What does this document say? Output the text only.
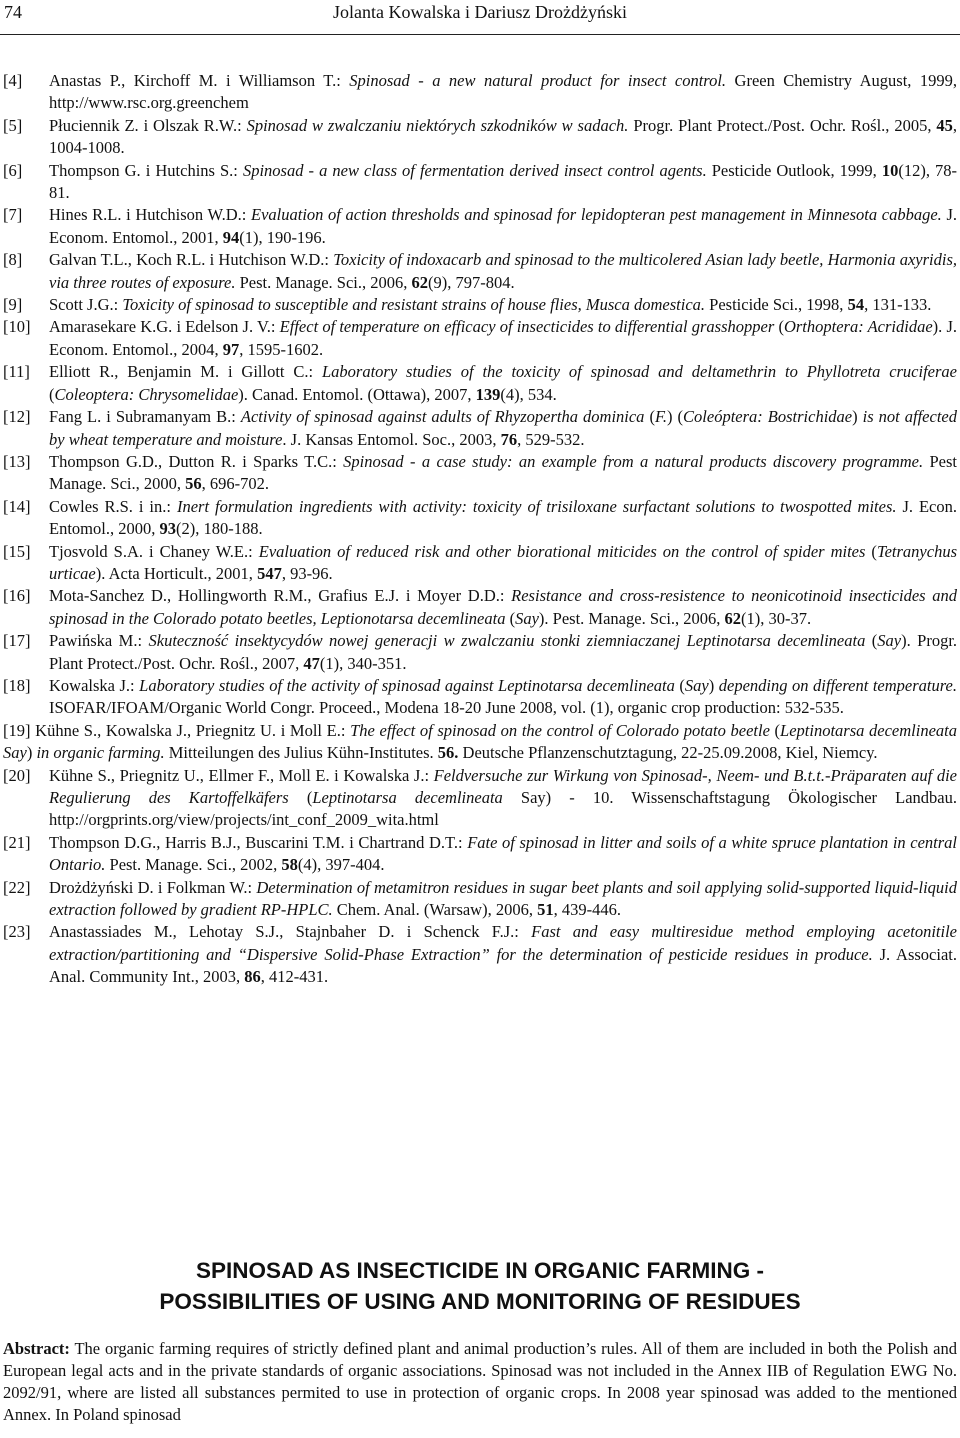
74	Jolanta Kowalska i Dariusz Drożdżyński
[4] Anastas P., Kirchoff M. i Williamson T.: Spinosad - a new natural product for insect control. Green Chemistry August, 1999, http://www.rsc.org.greenchem
[5] Płuciennik Z. i Olszak R.W.: Spinosad w zwalczaniu niektórych szkodników w sadach. Progr. Plant Protect./Post. Ochr. Rośl., 2005, 45, 1004-1008.
[6] Thompson G. i Hutchins S.: Spinosad - a new class of fermentation derived insect control agents. Pesticide Outlook, 1999, 10(12), 78-81.
[7] Hines R.L. i Hutchison W.D.: Evaluation of action thresholds and spinosad for lepidopteran pest management in Minnesota cabbage. J. Econom. Entomol., 2001, 94(1), 190-196.
[8] Galvan T.L., Koch R.L. i Hutchison W.D.: Toxicity of indoxacarb and spinosad to the multicolered Asian lady beetle, Harmonia axyridis, via three routes of exposure. Pest. Manage. Sci., 2006, 62(9), 797-804.
[9] Scott J.G.: Toxicity of spinosad to susceptible and resistant strains of house flies, Musca domestica. Pesticide Sci., 1998, 54, 131-133.
[10] Amarasekare K.G. i Edelson J. V.: Effect of temperature on efficacy of insecticides to differential grasshopper (Orthoptera: Acrididae). J. Econom. Entomol., 2004, 97, 1595-1602.
[11] Elliott R., Benjamin M. i Gillott C.: Laboratory studies of the toxicity of spinosad and deltamethrin to Phyllotreta cruciferae (Coleoptera: Chrysomelidae). Canad. Entomol. (Ottawa), 2007, 139(4), 534.
[12] Fang L. i Subramanyam B.: Activity of spinosad against adults of Rhyzopertha dominica (F.) (Coleóptera: Bostrichidae) is not affected by wheat temperature and moisture. J. Kansas Entomol. Soc., 2003, 76, 529-532.
[13] Thompson G.D., Dutton R. i Sparks T.C.: Spinosad - a case study: an example from a natural products discovery programme. Pest Manage. Sci., 2000, 56, 696-702.
[14] Cowles R.S. i in.: Inert formulation ingredients with activity: toxicity of trisiloxane surfactant solutions to twospotted mites. J. Econ. Entomol., 2000, 93(2), 180-188.
[15] Tjosvold S.A. i Chaney W.E.: Evaluation of reduced risk and other biorational miticides on the control of spider mites (Tetranychus urticae). Acta Horticult., 2001, 547, 93-96.
[16] Mota-Sanchez D., Hollingworth R.M., Grafius E.J. i Moyer D.D.: Resistance and cross-resistence to neonicotinoid insecticides and spinosad in the Colorado potato beetles, Leptionotarsa decemlineata (Say). Pest. Manage. Sci., 2006, 62(1), 30-37.
[17] Pawińska M.: Skuteczność insektycydów nowej generacji w zwalczaniu stonki ziemniaczanej Leptinotarsa decemlineata (Say). Progr. Plant Protect./Post. Ochr. Rośl., 2007, 47(1), 340-351.
[18] Kowalska J.: Laboratory studies of the activity of spinosad against Leptinotarsa decemlineata (Say) depending on different temperature. ISOFAR/IFOAM/Organic World Congr. Proceed., Modena 18-20 June 2008, vol. (1), organic crop production: 532-535.
[19] Kühne S., Kowalska J., Priegnitz U. i Moll E.: The effect of spinosad on the control of Colorado potato beetle (Leptinotarsa decemlineata Say) in organic farming. Mitteilungen des Julius Kühn-Institutes. 56. Deutsche Pflanzenschutztagung, 22-25.09.2008, Kiel, Niemcy.
[20] Kühne S., Priegnitz U., Ellmer F., Moll E. i Kowalska J.: Feldversuche zur Wirkung von Spinosad-, Neem- und B.t.t.-Präparaten auf die Regulierung des Kartoffelkäfers (Leptinotarsa decemlineata Say) - 10. Wissenschaftstagung Ökologischer Landbau. http://orgprints.org/view/projects/int_conf_2009_wita.html
[21] Thompson D.G., Harris B.J., Buscarini T.M. i Chartrand D.T.: Fate of spinosad in litter and soils of a white spruce plantation in central Ontario. Pest. Manage. Sci., 2002, 58(4), 397-404.
[22] Drożdżyński D. i Folkman W.: Determination of metamitron residues in sugar beet plants and soil applying solid-supported liquid-liquid extraction followed by gradient RP-HPLC. Chem. Anal. (Warsaw), 2006, 51, 439-446.
[23] Anastassiades M., Lehotay S.J., Stajnbaher D. i Schenck F.J.: Fast and easy multiresidue method employing acetonitile extraction/partitioning and “Dispersive Solid-Phase Extraction” for the determination of pesticide residues in produce. J. Associat. Anal. Community Int., 2003, 86, 412-431.
SPINOSAD AS INSECTICIDE IN ORGANIC FARMING -
POSSIBILITIES OF USING AND MONITORING OF RESIDUES
Abstract: The organic farming requires of strictly defined plant and animal production’s rules. All of them are included in both the Polish and European legal acts and in the private standards of organic associations. Spinosad was not included in the Annex IIB of Regulation EWG No. 2092/91, where are listed all substances permited to use in protection of organic crops. In 2008 year spinosad was added to the mentioned Annex. In Poland spinosad
